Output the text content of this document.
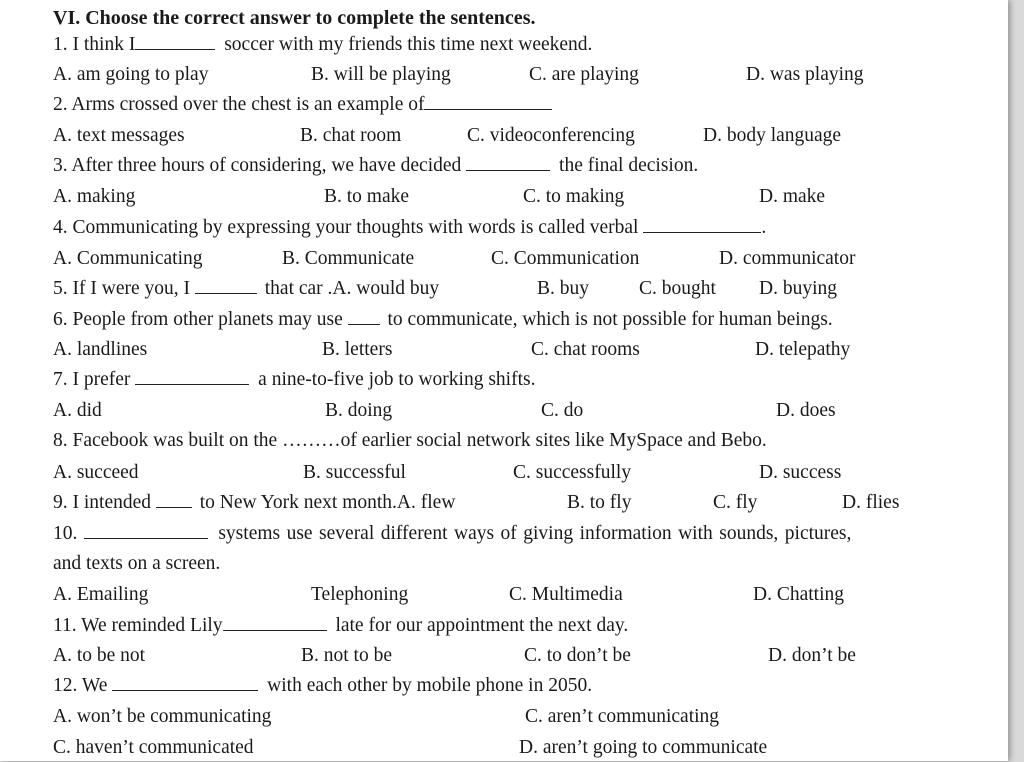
VI. Choose the correct answer to complete the sentences.
1. I think I	soccer with my friends this time next weekend.
A. am going to play	B. will be playing	C. are playing	D. was playing
2. Arms crossed over the chest is an example of
A. text messages	B. chat room	C. videoconferencing	D. body language
3. After three hours of considering, we have decided	the final decision.
A. making	B. to make	C. to making	D. make
4. Communicating by expressing your thoughts with words is called verbal	.
A. Communicating	B. Communicate	C. Communication	D. communicator
5. If I were you, I	that car .A. would buy	B. buy	C. bought D. buying
6. People from other planets may use to communicate, which is not possible for human beings.
A. landlines	B. letters	C. chat rooms	D. telepathy
7. I prefer	a nine-to-five job to working shifts.
A. did	B. doing	C. do	D. does
8. Facebook was built on the ………of earlier social network sites like MySpace and Bebo.
A. succeed	B. successful	C. successfully	D. success
9. I intended	to New York next month.A. flew	B. to fly	C. fly	D. flies
10.	systems use several different ways of giving information with sounds, pictures,
and texts on a screen.
A. Emailing	Telephoning	C. Multimedia	D. Chatting
11. We reminded Lily	late for our appointment the next day.
A. to be not	B. not to be	C. to don’t be	D. don’t be
12. We	with each other by mobile phone in 2050.
A. won’t be communicating	C. aren’t communicating
C. haven’t communicated	D. aren’t going to communicate
